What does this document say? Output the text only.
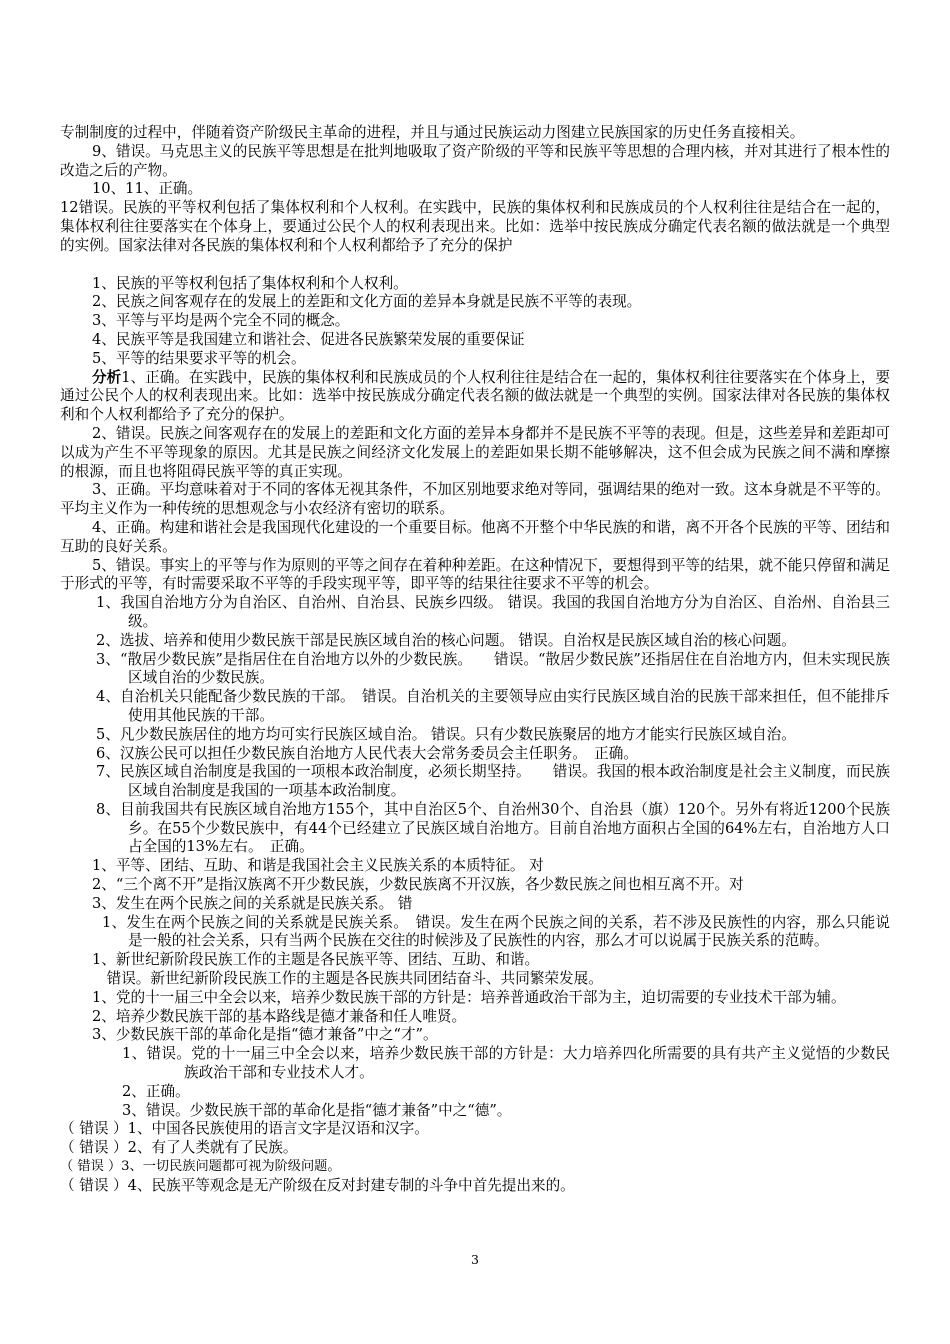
专制制度的过程中，伴随着资产阶级民主革命的进程，并且与通过民族运动力图建立民族国家的历史任务直接相关。
9、错误。马克思主义的民族平等思想是在批判地吸取了资产阶级的平等和民族平等思想的合理内核，并对其进行了根本性的改造之后的产物。
10、11、正确。
12错误。民族的平等权利包括了集体权利和个人权利。在实践中，民族的集体权利和民族成员的个人权利往往是结合在一起的，集体权利往往要落实在个体身上，要通过公民个人的权利表现出来。比如：选举中按民族成分确定代表名额的做法就是一个典型的实例。国家法律对各民族的集体权利和个人权利都给予了充分的保护
1、民族的平等权利包括了集体权利和个人权利。
2、民族之间客观存在的发展上的差距和文化方面的差异本身就是民族不平等的表现。
3、平等与平均是两个完全不同的概念。
4、民族平等是我国建立和谐社会、促进各民族繁荣发展的重要保证
5、平等的结果要求平等的机会。
分析1、正确。在实践中，民族的集体权利和民族成员的个人权利往往是结合在一起的，集体权利往往要落实在个体身上，要通过公民个人的权利表现出来。比如：选举中按民族成分确定代表名额的做法就是一个典型的实例。国家法律对各民族的集体权利和个人权利都给予了充分的保护。
2、错误。民族之间客观存在的发展上的差距和文化方面的差异本身都并不是民族不平等的表现。但是，这些差异和差距却可以成为产生不平等现象的原因。尤其是民族之间经济文化发展上的差距如果长期不能够解决，这不但会成为民族之间不满和摩擦的根源，而且也将阻碍民族平等的真正实现。
3、正确。平均意味着对于不同的客体无视其条件，不加区别地要求绝对等同，强调结果的绝对一致。这本身就是不平等的。平均主义作为一种传统的思想观念与小农经济有密切的联系。
4、正确。构建和谐社会是我国现代化建设的一个重要目标。他离不开整个中华民族的和谐，离不开各个民族的平等、团结和互助的良好关系。
5、错误。事实上的平等与作为原则的平等之间存在着种种差距。在这种情况下，要想得到平等的结果，就不能只停留和满足于形式的平等，有时需要采取不平等的手段实现平等，即平等的结果往往要求不平等的机会。
1、我国自治地方分为自治区、自治州、自治县、民族乡四级。 错误。我国的我国自治地方分为自治区、自治州、自治县三级。
2、选拔、培养和使用少数民族干部是民族区域自治的核心问题。 错误。自治权是民族区域自治的核心问题。
3、“散居少数民族”是指居住在自治地方以外的少数民族。　　错误。“散居少数民族”还指居住在自治地方内，但未实现民族区域自治的少数民族。
4、自治机关只能配备少数民族的干部。　错误。自治机关的主要领导应由实行民族区域自治的民族干部来担任，但不能排斥使用其他民族的干部。
5、凡少数民族居住的地方均可实行民族区域自治。 错误。只有少数民族聚居的地方才能实行民族区域自治。
6、汉族公民可以担任少数民族自治地方人民代表大会常务委员会主任职务。　正确。
7、民族区域自治制度是我国的一项根本政治制度，必须长期坚持。　　错误。我国的根本政治制度是社会主义制度，而民族区域自治制度是我国的一项基本政治制度。
8、目前我国共有民族区域自治地方155个，其中自治区5个、自治州30个、自治县（旗）120个。另外有将近1200个民族乡。在55个少数民族中，有44个已经建立了民族区域自治地方。目前自治地方面积占全国的64%左右，自治地方人口占全国的13%左右。　正确。
1、平等、团结、互助、和谐是我国社会主义民族关系的本质特征。 对
2、“三个离不开”是指汉族离不开少数民族，少数民族离不开汉族，各少数民族之间也相互离不开。对
3、发生在两个民族之间的关系就是民族关系。 错
1、发生在两个民族之间的关系就是民族关系。　错误。发生在两个民族之间的关系，若不涉及民族性的内容，那么只能说是一般的社会关系，只有当两个民族在交往的时候涉及了民族性的内容，那么才可以说属于民族关系的范畴。
1、新世纪新阶段民族工作的主题是各民族平等、团结、互助、和谐。
　错误。新世纪新阶段民族工作的主题是各民族共同团结奋斗、共同繁荣发展。
1、党的十一届三中全会以来，培养少数民族干部的方针是：培养普通政治干部为主，迫切需要的专业技术干部为辅。
2、培养少数民族干部的基本路线是德才兼备和任人唯贤。
3、少数民族干部的革命化是指“德才兼备”中之“才”。
1、错误。党的十一届三中全会以来，培养少数民族干部的方针是：大力培养四化所需要的具有共产主义觉悟的少数民族政治干部和专业技术人才。
2、正确。
3、错误。少数民族干部的革命化是指“德才兼备”中之“德”。
（ 错误 ）1、中国各民族使用的语言文字是汉语和汉字。
（ 错误 ）2、有了人类就有了民族。
（ 错误 ）3、一切民族问题都可视为阶级问题。
（ 错误 ）4、民族平等观念是无产阶级在反对封建专制的斗争中首先提出来的。
3
